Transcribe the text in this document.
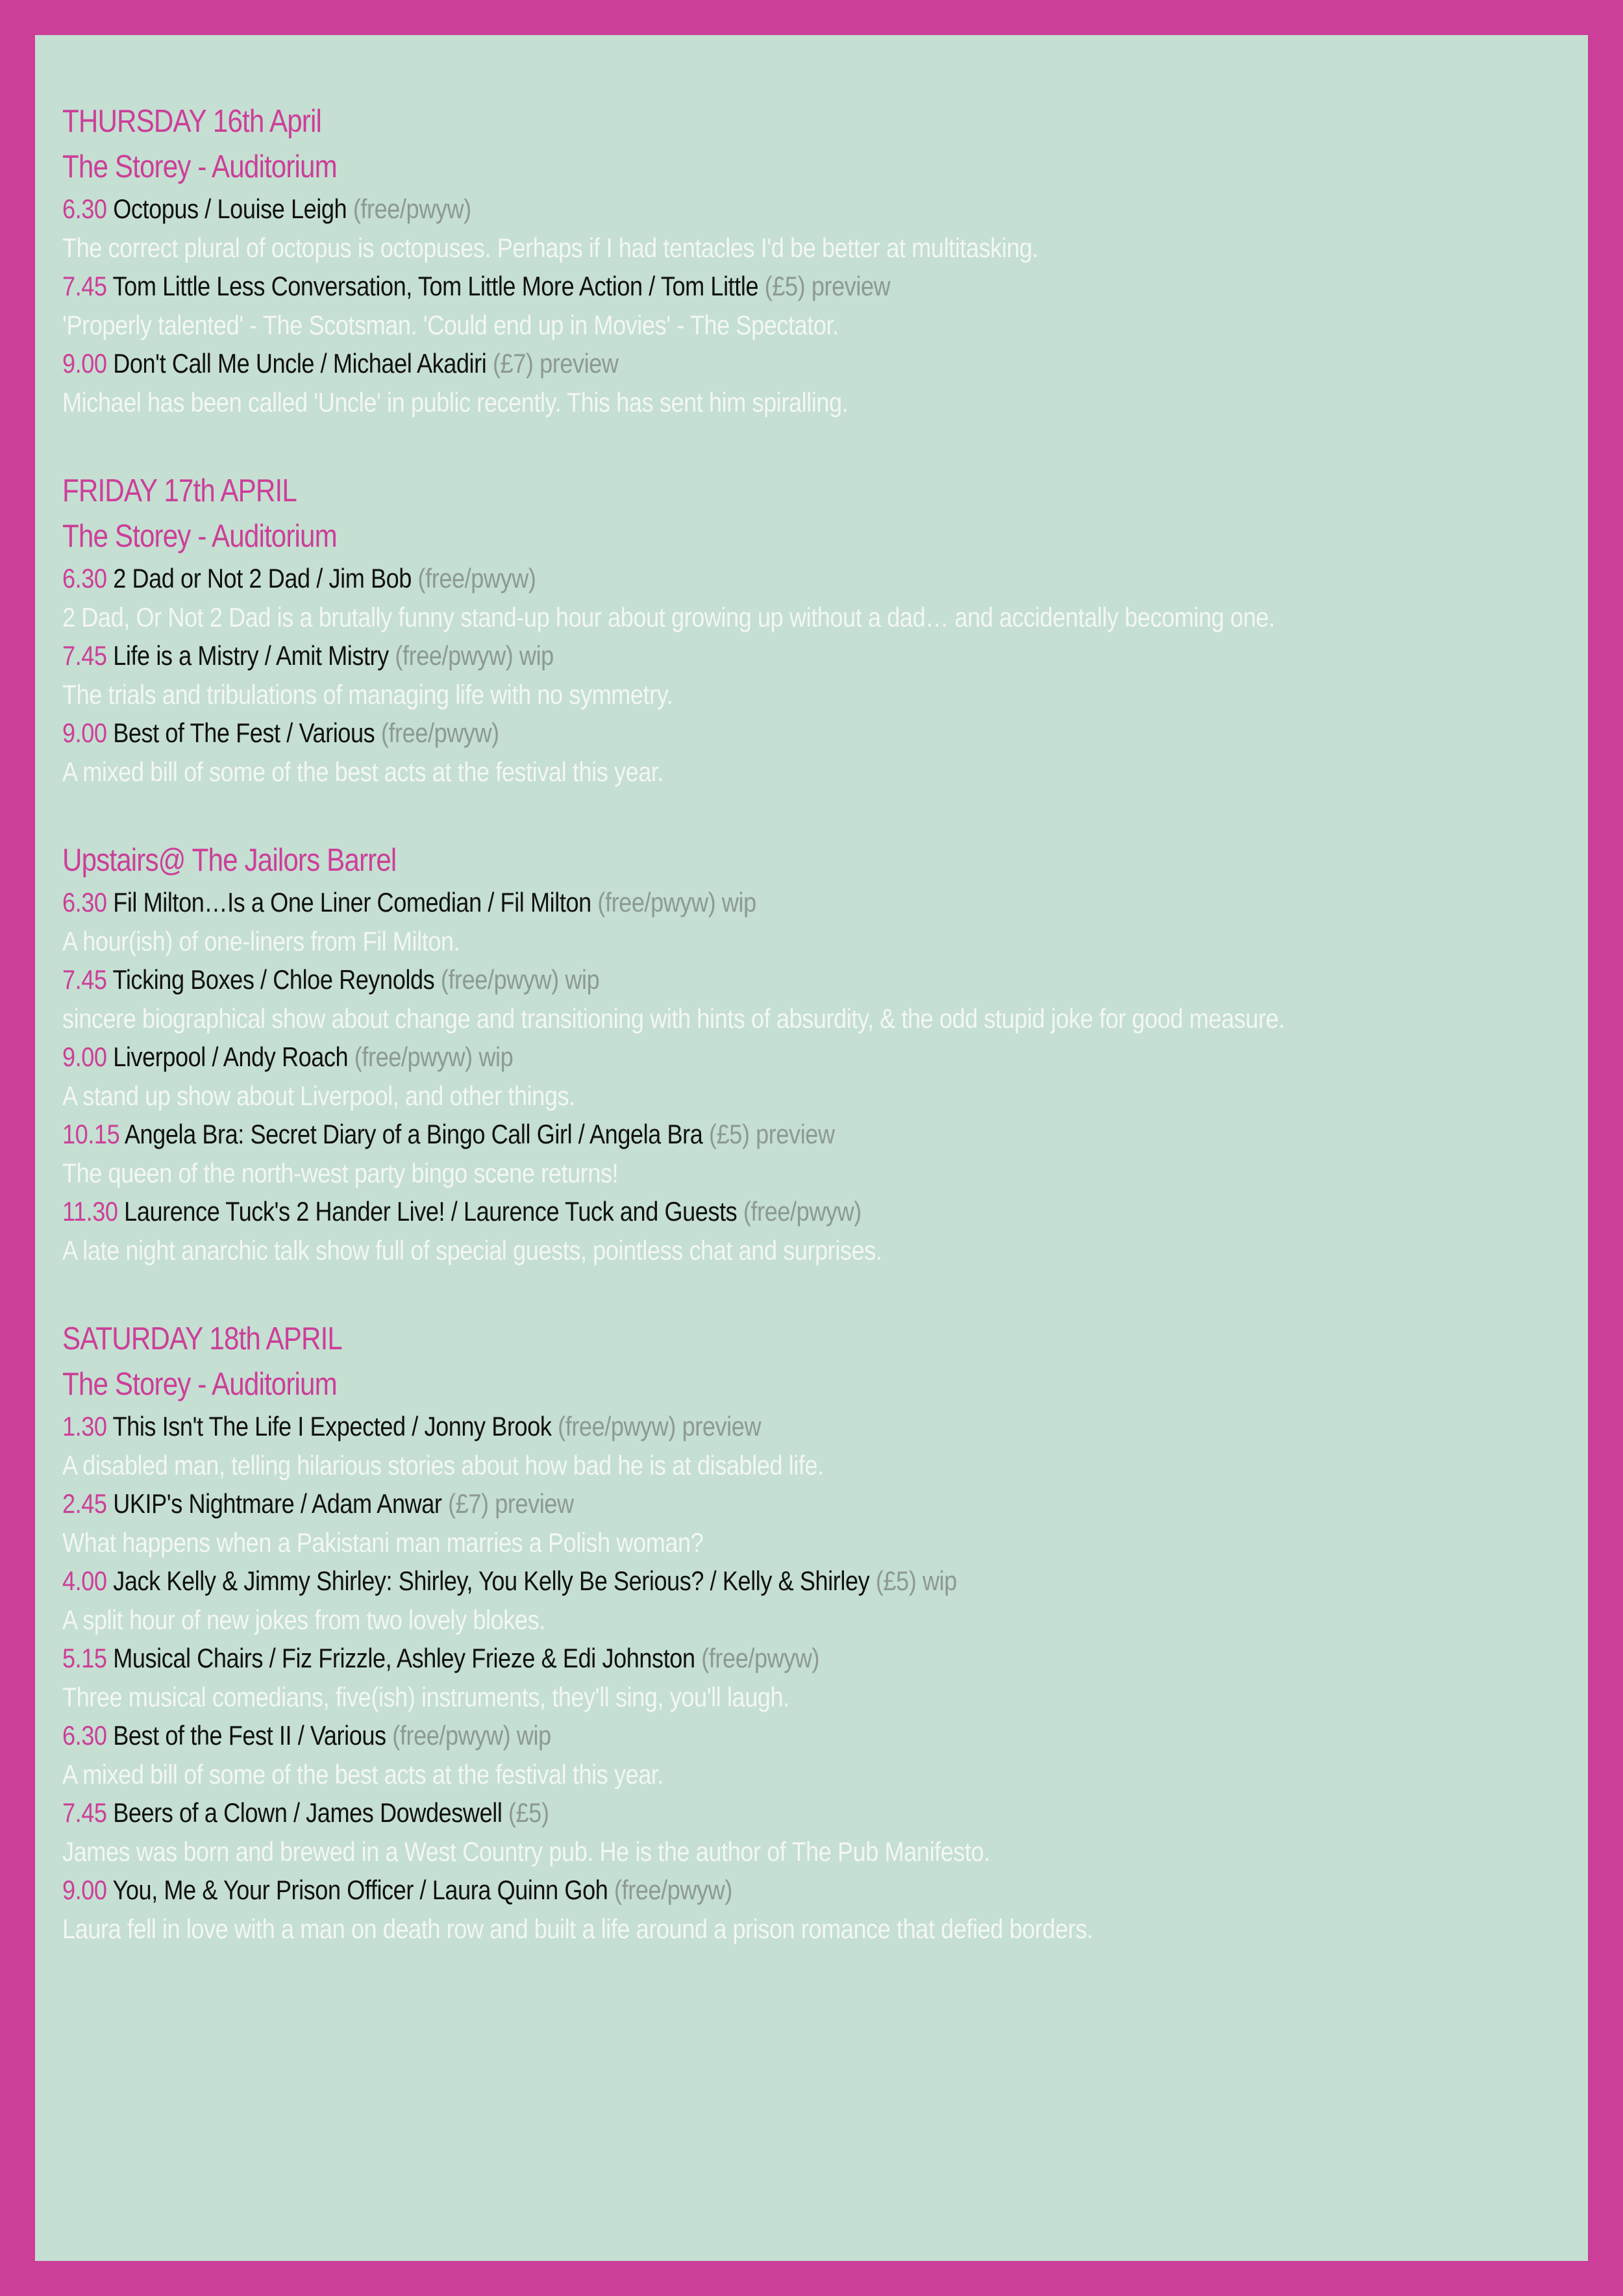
THURSDAY 16th April
The Storey - Auditorium
6.30 Octopus / Louise Leigh (free/pwyw)
The correct plural of octopus is octopuses. Perhaps if I had tentacles I'd be better at multitasking.
7.45 Tom Little Less Conversation, Tom Little More Action / Tom Little (£5) preview
'Properly talented' - The Scotsman. 'Could end up in Movies' - The Spectator.
9.00 Don't Call Me Uncle / Michael Akadiri (£7) preview
Michael has been called 'Uncle' in public recently. This has sent him spiralling.
FRIDAY 17th APRIL
The Storey - Auditorium
6.30 2 Dad or Not 2 Dad / Jim Bob (free/pwyw)
2 Dad, Or Not 2 Dad is a brutally funny stand-up hour about growing up without a dad… and accidentally becoming one.
7.45 Life is a Mistry / Amit Mistry (free/pwyw) wip
The trials and tribulations of managing life with no symmetry.
9.00 Best of The Fest / Various (free/pwyw)
A mixed bill of some of the best acts at the festival this year.
Upstairs@ The Jailors Barrel
6.30 Fil Milton…Is a One Liner Comedian / Fil Milton (free/pwyw) wip
A hour(ish) of one-liners from Fil Milton.
7.45 Ticking Boxes / Chloe Reynolds (free/pwyw) wip
sincere biographical show about change and transitioning with hints of absurdity, & the odd stupid joke for good measure.
9.00 Liverpool / Andy Roach (free/pwyw) wip
A stand up show about Liverpool, and other things.
10.15 Angela Bra: Secret Diary of a Bingo Call Girl / Angela Bra (£5) preview
The queen of the north-west party bingo scene returns!
11.30 Laurence Tuck's 2 Hander Live! / Laurence Tuck and Guests (free/pwyw)
A late night anarchic talk show full of special guests, pointless chat and surprises.
SATURDAY 18th APRIL
The Storey - Auditorium
1.30 This Isn't The Life I Expected / Jonny Brook (free/pwyw) preview
A disabled man, telling hilarious stories about how bad he is at disabled life.
2.45 UKIP's Nightmare / Adam Anwar (£7) preview
What happens when a Pakistani man marries a Polish woman?
4.00 Jack Kelly & Jimmy Shirley: Shirley, You Kelly Be Serious? / Kelly & Shirley (£5) wip
A split hour of new jokes from two lovely blokes.
5.15 Musical Chairs / Fiz Frizzle, Ashley Frieze & Edi Johnston (free/pwyw)
Three musical comedians, five(ish) instruments, they'll sing, you'll laugh.
6.30 Best of the Fest II / Various (free/pwyw) wip
A mixed bill of some of the best acts at the festival this year.
7.45 Beers of a Clown / James Dowdeswell (£5)
James was born and brewed in a West Country pub. He is the author of The Pub Manifesto.
9.00 You, Me & Your Prison Officer / Laura Quinn Goh (free/pwyw)
Laura fell in love with a man on death row and built a life around a prison romance that defied borders.
